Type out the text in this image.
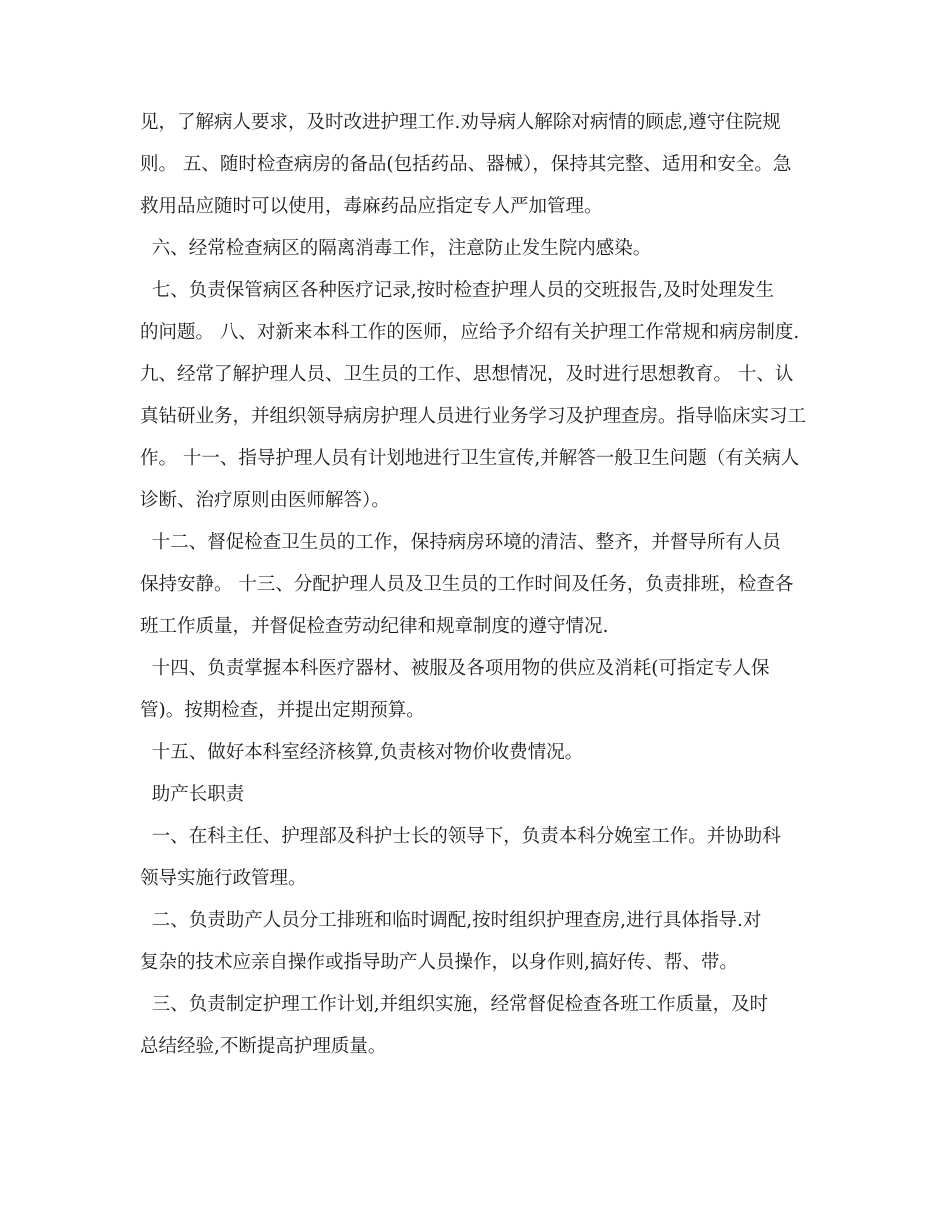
见，了解病人要求，及时改进护理工作.劝导病人解除对病情的顾虑,遵守住院规
则。 五、随时检查病房的备品(包括药品、器械），保持其完整、适用和安全。急
救用品应随时可以使用，毒麻药品应指定专人严加管理。
六、经常检查病区的隔离消毒工作，注意防止发生院内感染。
七、负责保管病区各种医疗记录,按时检查护理人员的交班报告,及时处理发生
的问题。 八、对新来本科工作的医师，应给予介绍有关护理工作常规和病房制度.
九、经常了解护理人员、卫生员的工作、思想情况，及时进行思想教育。 十、认
真钻研业务，并组织领导病房护理人员进行业务学习及护理查房。指导临床实习工
作。 十一、指导护理人员有计划地进行卫生宣传,并解答一般卫生问题（有关病人
诊断、治疗原则由医师解答）。
十二、督促检查卫生员的工作，保持病房环境的清洁、整齐，并督导所有人员
保持安静。 十三、分配护理人员及卫生员的工作时间及任务，负责排班，检查各
班工作质量，并督促检查劳动纪律和规章制度的遵守情况.
十四、负责掌握本科医疗器材、被服及各项用物的供应及消耗(可指定专人保
管)。按期检查，并提出定期预算。
十五、做好本科室经济核算,负责核对物价收费情况。
助产长职责
一、在科主任、护理部及科护士长的领导下，负责本科分娩室工作。并协助科
领导实施行政管理。
二、负责助产人员分工排班和临时调配,按时组织护理查房,进行具体指导.对
复杂的技术应亲自操作或指导助产人员操作，以身作则,搞好传、帮、带。
三、负责制定护理工作计划,并组织实施，经常督促检查各班工作质量，及时
总结经验,不断提高护理质量。
